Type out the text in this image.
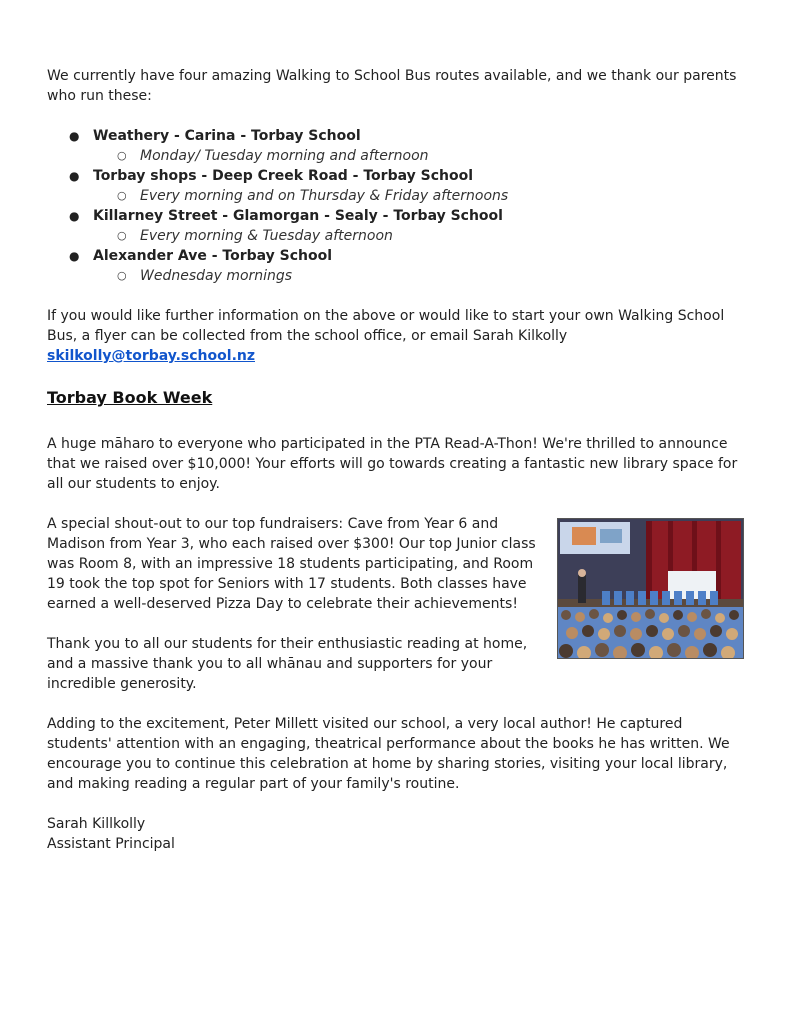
We currently have four amazing Walking to School Bus routes available, and we thank our parents who run these:

● Weathery - Carina - Torbay School
○ Monday/ Tuesday morning and afternoon
● Torbay shops - Deep Creek Road - Torbay School
○ Every morning and on Thursday & Friday afternoons
● Killarney Street - Glamorgan - Sealy - Torbay School
○ Every morning & Tuesday afternoon
● Alexander Ave - Torbay School
○ Wednesday mornings

If you would like further information on the above or would like to start your own Walking School Bus, a flyer can be collected from the school office, or email Sarah Kilkolly skilkolly@torbay.school.nz

Torbay Book Week

A huge māharo to everyone who participated in the PTA Read-A-Thon! We're thrilled to announce that we raised over $10,000! Your efforts will go towards creating a fantastic new library space for all our students to enjoy.

A special shout-out to our top fundraisers: Cave from Year 6 and Madison from Year 3, who each raised over $300! Our top Junior class was Room 8, with an impressive 18 students participating, and Room 19 took the top spot for Seniors with 17 students. Both classes have earned a well-deserved Pizza Day to celebrate their achievements!

Thank you to all our students for their enthusiastic reading at home, and a massive thank you to all whānau and supporters for your incredible generosity.

Adding to the excitement, Peter Millett visited our school, a very local author! He captured students' attention with an engaging, theatrical performance about the books he has written. We encourage you to continue this celebration at home by sharing stories, visiting your local library, and making reading a regular part of your family's routine.

Sarah Killkolly

Assistant Principal
